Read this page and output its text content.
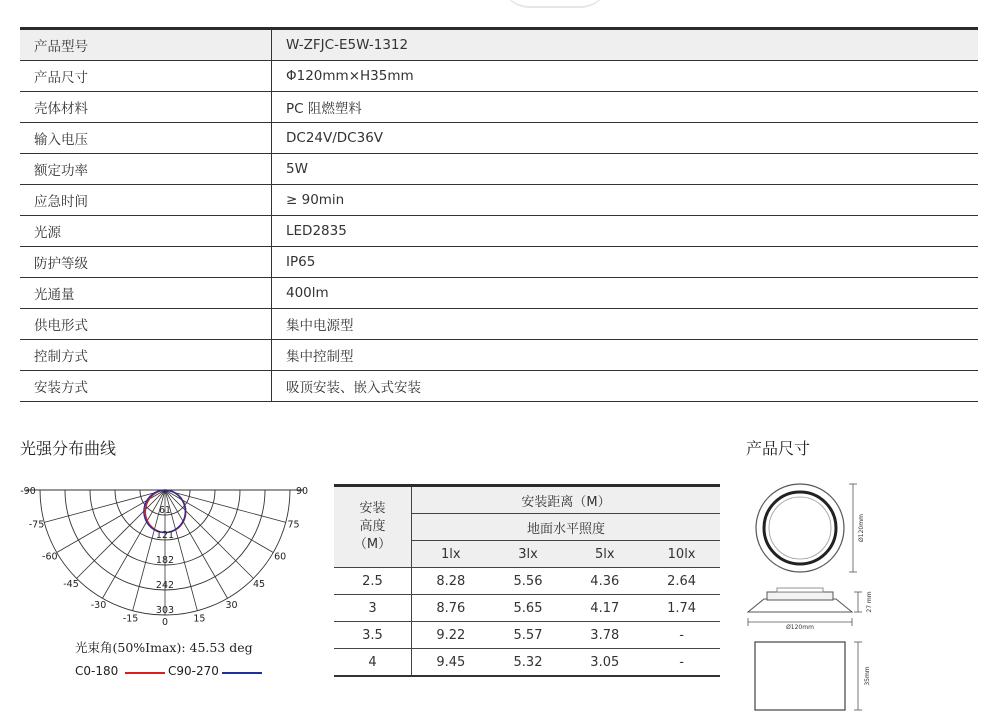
产品型号	W-ZFJC-E5W-1312
产品尺寸	Φ120mm×H35mm
壳体材料	PC 阻燃塑料
输入电压	DC24V/DC36V
额定功率	5W
应急时间	≥ 90min
光源	LED2835
防护等级	IP65
光通量	400lm
供电形式	集中电源型
控制方式	集中控制型
安装方式	吸顶安装、嵌入式安装
光强分布曲线	产品尺寸
-90
-75
-60
-45
-30
-15	15
30
45
60
75
90
0
61
121
182
242
303
光束角(50%Imax): 45.53 deg
C0-180	C90-270
安装
高度
（M）	安装距离（M）			
	地面水平照度			
	1lx	3lx	5lx	10lx
2.5	8.28	5.56	4.36	2.64
3	8.76	5.65	4.17	1.74
3.5	9.22	5.57	3.78	-
4	9.45	5.32	3.05	-
Ø120mm
27 mm
Ø120mm
35mm
